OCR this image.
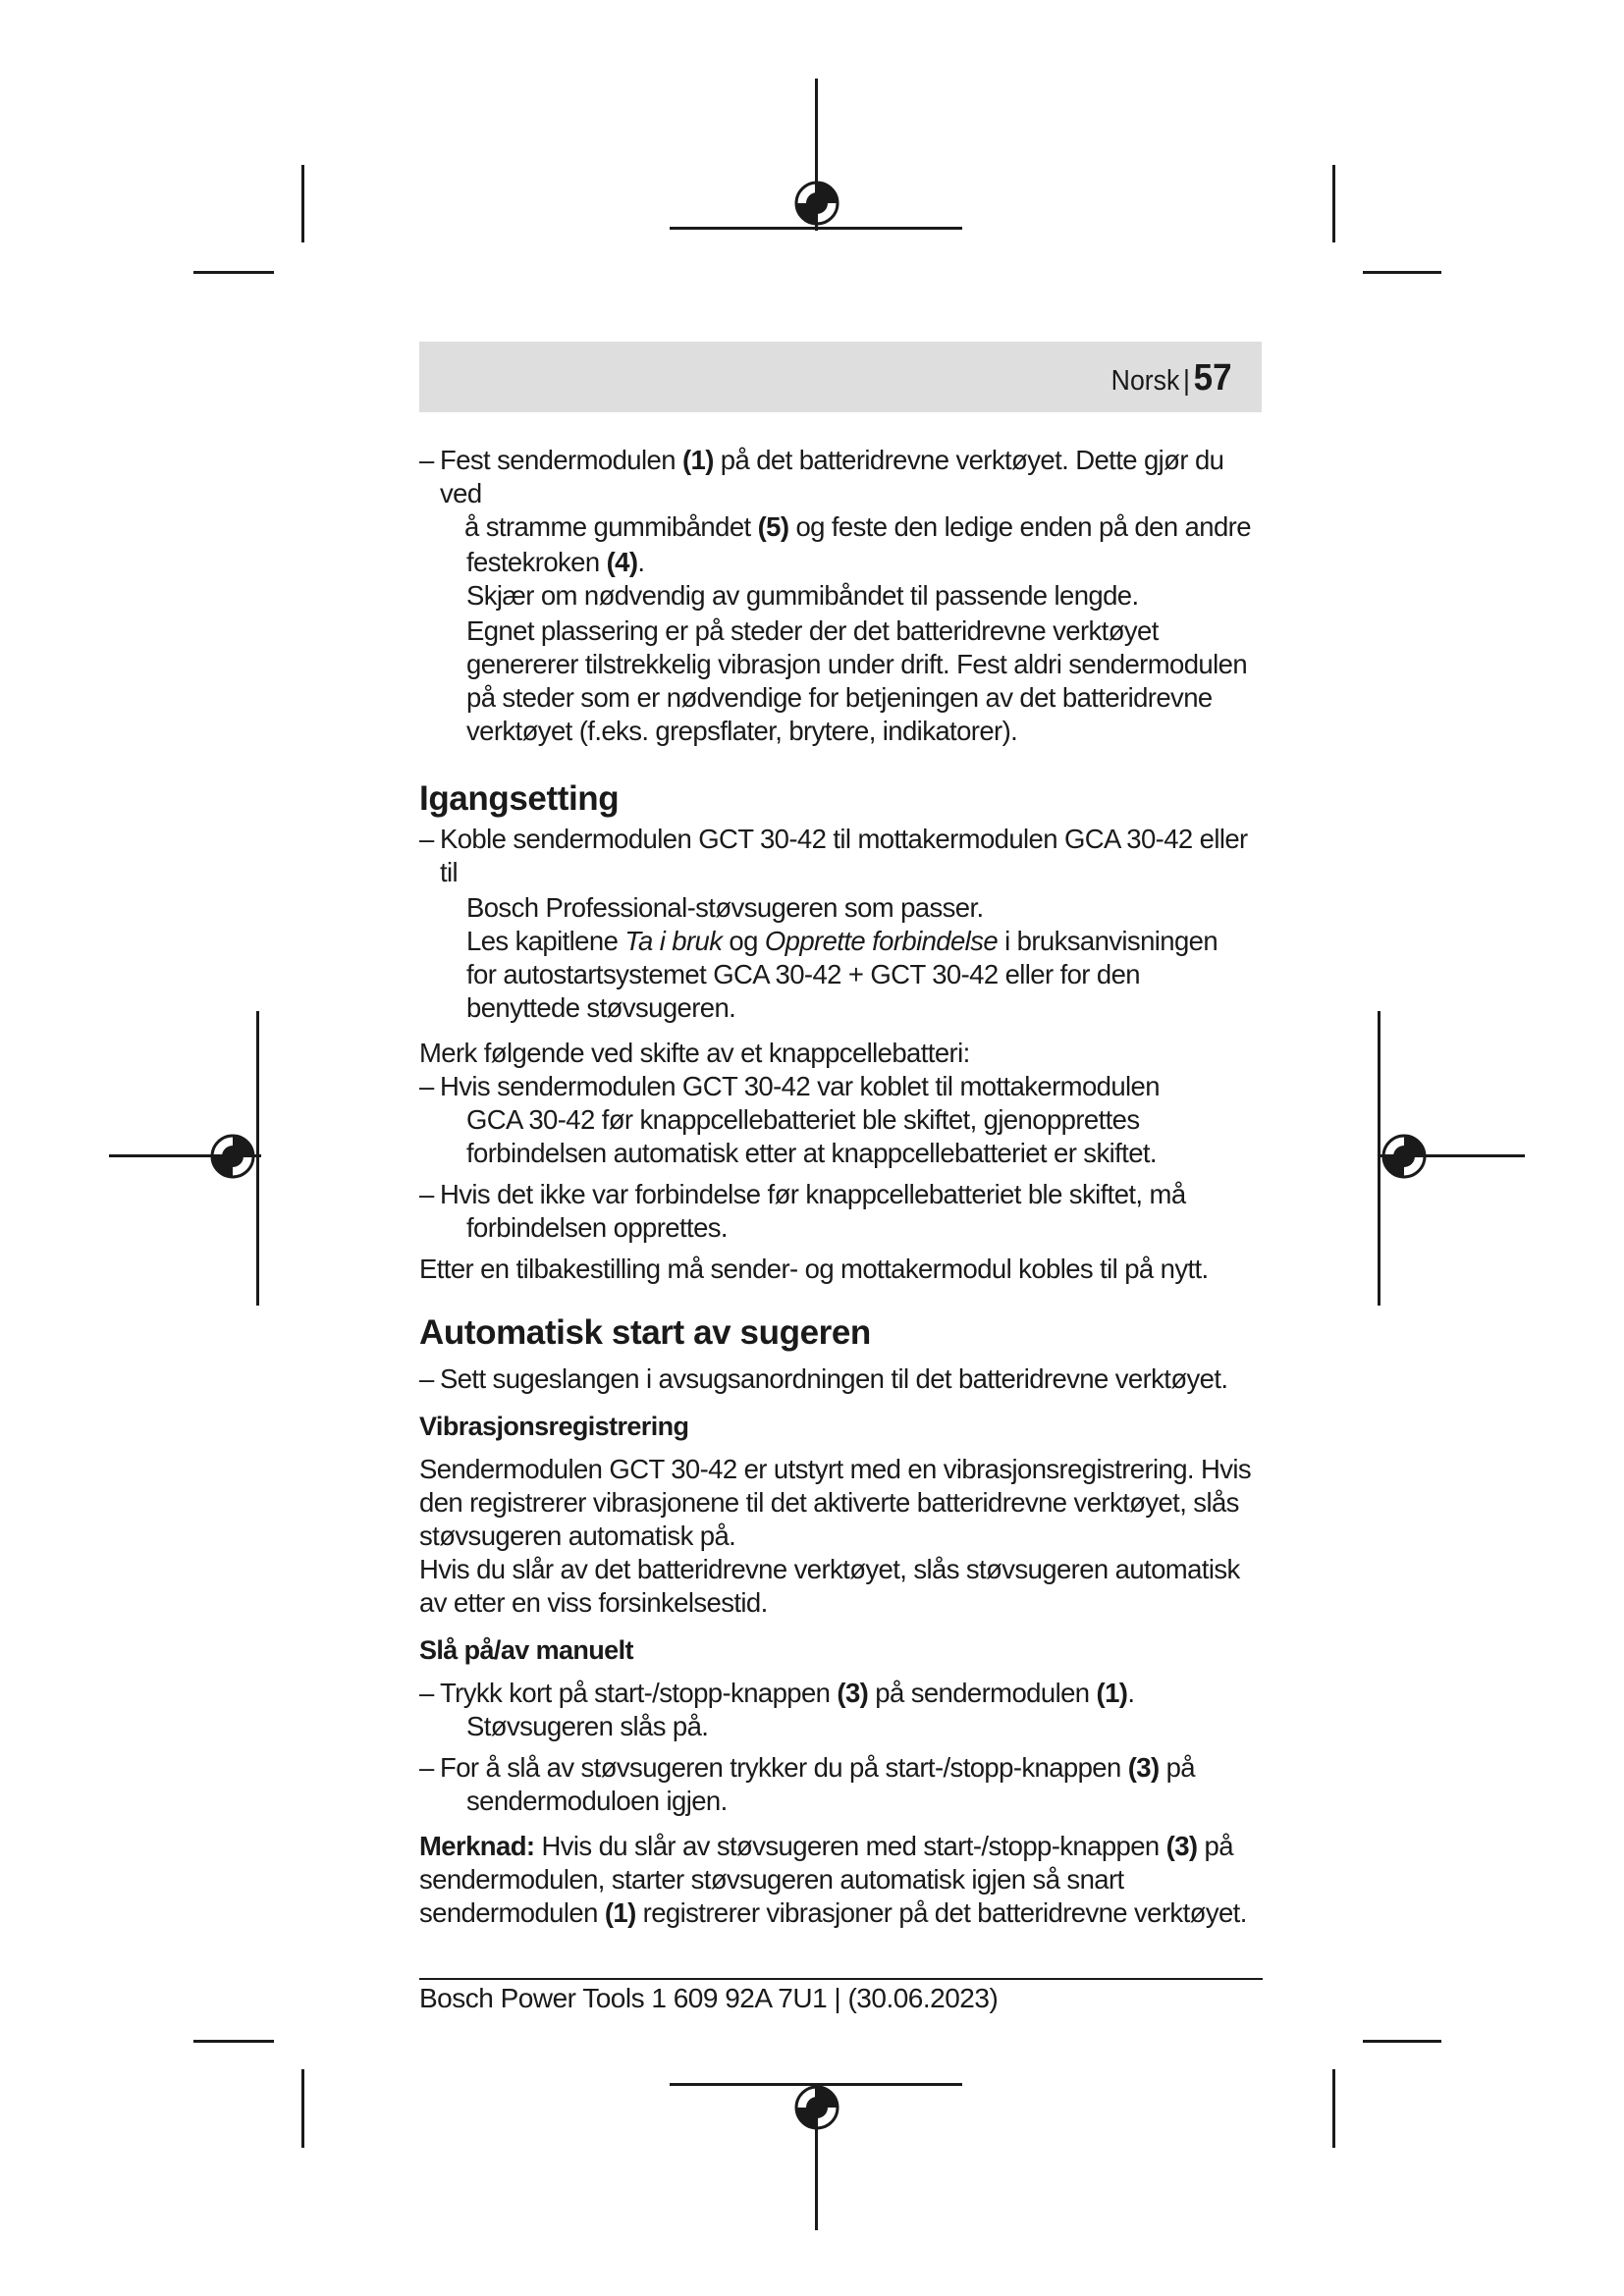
Norsk | 57
– Fest sendermodulen (1) på det batteridrevne verktøyet. Dette gjør du ved

å stramme gummibåndet (5) og feste den ledige enden på den andre

festekroken (4).

Skjær om nødvendig av gummibåndet til passende lengde.

Egnet plassering er på steder der det batteridrevne verktøyet genererer tilstrekkelig vibrasjon under drift. Fest aldri sendermodulen på steder som er nødvendige for betjeningen av det batteridrevne verktøyet (f.eks. grepsflater, brytere, indikatorer).

Igangsetting
– Koble sendermodulen GCT 30-42 til mottakermodulen GCA 30-42 eller til

Bosch Professional-støvsugeren som passer.

Les kapitlene Ta i bruk og Opprette forbindelse i bruksanvisningen for autostartsystemet GCA 30-42 + GCT 30-42 eller for den benyttede støvsugeren.

Merk følgende ved skifte av et knappcellebatteri:

– Hvis sendermodulen GCT 30-42 var koblet til mottakermodulen

GCA 30-42 før knappcellebatteriet ble skiftet, gjenopprettes forbindelsen automatisk etter at knappcellebatteriet er skiftet.

– Hvis det ikke var forbindelse før knappcellebatteriet ble skiftet, må

forbindelsen opprettes.

Etter en tilbakestilling må sender- og mottakermodul kobles til på nytt.

Automatisk start av sugeren
– Sett sugeslangen i avsugsanordningen til det batteridrevne verktøyet.

Vibrasjonsregistrering

Sendermodulen GCT 30-42 er utstyrt med en vibrasjonsregistrering. Hvis den registrerer vibrasjonene til det aktiverte batteridrevne verktøyet, slås støvsugeren automatisk på.

Hvis du slår av det batteridrevne verktøyet, slås støvsugeren automatisk av etter en viss forsinkelsestid.

Slå på/av manuelt
– Trykk kort på start-/stopp-knappen (3) på sendermodulen (1).

Støvsugeren slås på.

– For å slå av støvsugeren trykker du på start-/stopp-knappen (3) på

sendermoduloen igjen.

Merknad: Hvis du slår av støvsugeren med start-/stopp-knappen (3) på sendermodulen, starter støvsugeren automatisk igjen så snart sendermodulen (1) registrerer vibrasjoner på det batteridrevne verktøyet.

Bosch Power Tools 1 609 92A 7U1 | (30.06.2023)
